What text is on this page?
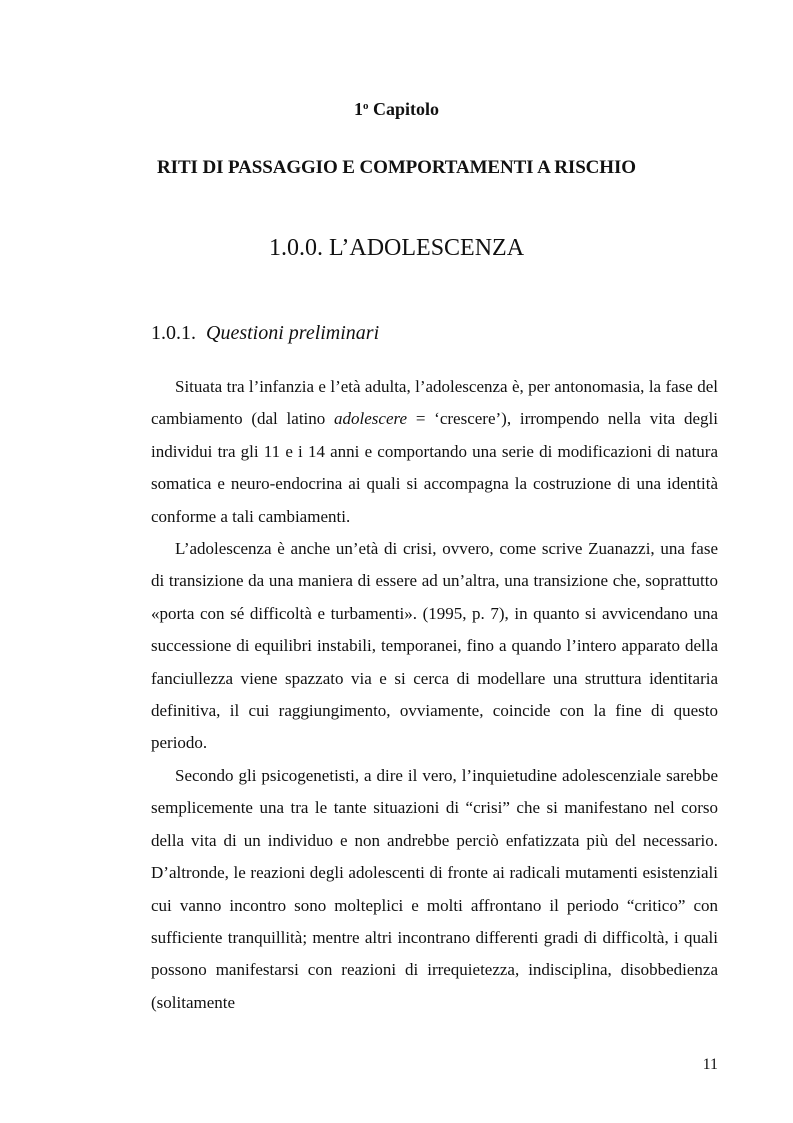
1$^o$ Capitolo
RITI DI PASSAGGIO E COMPORTAMENTI A RISCHIO
1.0.0. L’ADOLESCENZA
1.0.1. Questioni preliminari

Situata tra l’infanzia e l’età adulta, l’adolescenza è, per antonomasia, la fase del cambiamento (dal latino adolescere = ‘crescere’), irrompendo nella vita degli individui tra gli 11 e i 14 anni e comportando una serie di modificazioni di natura somatica e neuro-endocrina ai quali si accompagna la costruzione di una identità conforme a tali cambiamenti.

L’adolescenza è anche un’età di crisi, ovvero, come scrive Zuanazzi, una fase di transizione da una maniera di essere ad un’altra, una transizione che, soprattutto «porta con sé difficoltà e turbamenti». (1995, p. 7), in quanto si avvicendano una successione di equilibri instabili, temporanei, fino a quando l’intero apparato della fanciullezza viene spazzato via e si cerca di modellare una struttura identitaria definitiva, il cui raggiungimento, ovviamente, coincide con la fine di questo periodo.

Secondo gli psicogenetisti, a dire il vero, l’inquietudine adolescenziale sarebbe semplicemente una tra le tante situazioni di “crisi” che si manifestano nel corso della vita di un individuo e non andrebbe perciò enfatizzata più del necessario. D’altronde, le reazioni degli adolescenti di fronte ai radicali mutamenti esistenziali cui vanno incontro sono molteplici e molti affrontano il periodo “critico” con sufficiente tranquillità; mentre altri incontrano differenti gradi di difficoltà, i quali possono manifestarsi con reazioni di irrequietezza, indisciplina, disobbedienza (solitamente

11
